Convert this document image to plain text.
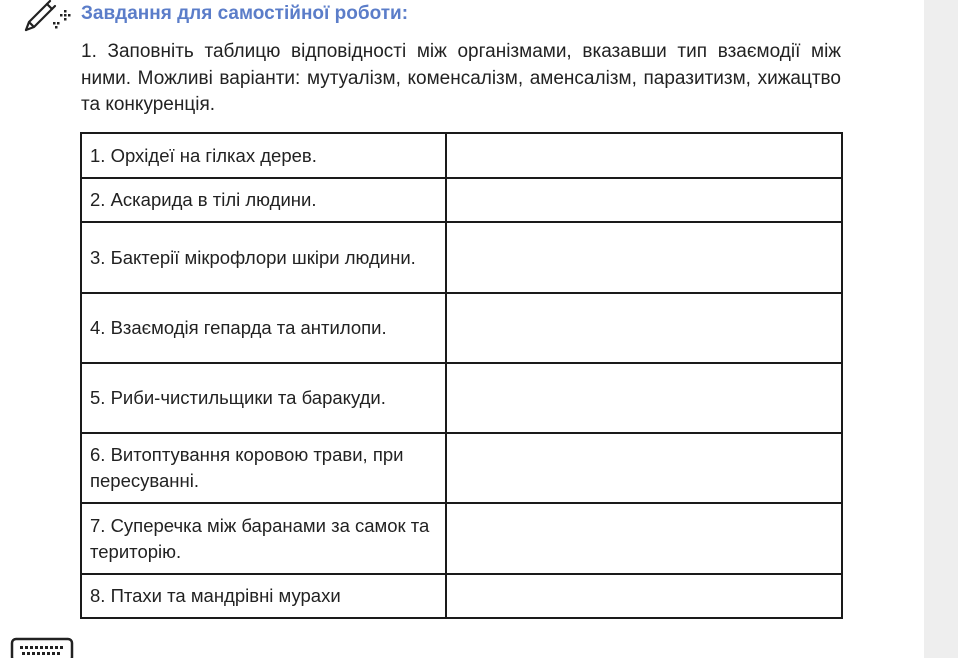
Завдання для самостійної роботи:
1. Заповніть таблицю відповідності між організмами, вказавши тип взаємодії між ними. Можливі варіанти: мутуалізм, коменсалізм, аменсалізм, паразитизм, хижацтво та конкуренція.
1. Орхідеї на гілках дерев.	
2. Аскарида в тілі людини.	
3. Бактерії мікрофлори шкіри людини.	
4. Взаємодія гепарда та антилопи.	
5. Риби-чистильщики та баракуди.	
6. Витоптування коровою трави, при пересуванні.	
7. Суперечка між баранами за самок та територію.	
8. Птахи та мандрівні мурахи	
